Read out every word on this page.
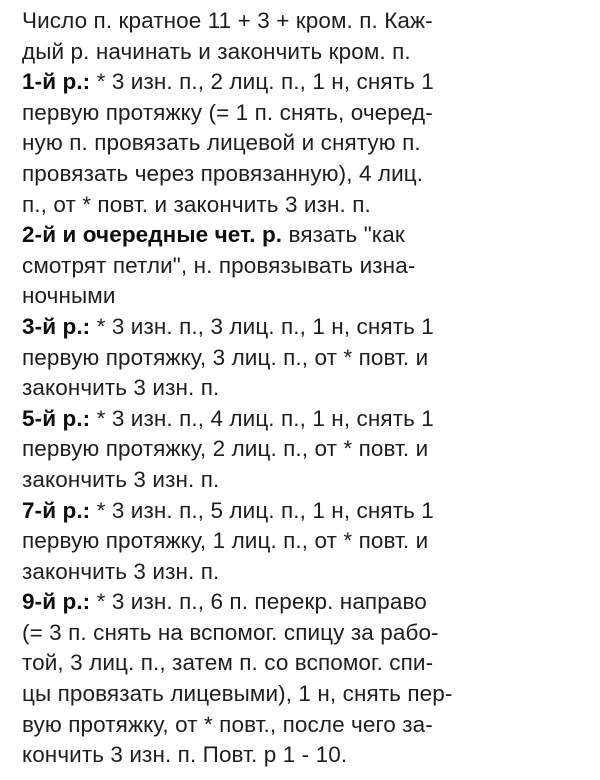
Число п. кратное 11 + 3 + кром. п. Каж-
дый р. начинать и закончить кром. п.

1-й р.: * 3 изн. п., 2 лиц. п., 1 н, снять 1
первую протяжку (= 1 п. снять, очеред-
ную п. провязать лицевой и снятую п.
провязать через провязанную), 4 лиц.
п., от * повт. и закончить 3 изн. п.

2-й и очередные чет. р. вязать "как
смотрят петли", н. провязывать изна-
ночными

3-й р.: * 3 изн. п., 3 лиц. п., 1 н, снять 1
первую протяжку, 3 лиц. п., от * повт. и
закончить 3 изн. п.

5-й р.: * 3 изн. п., 4 лиц. п., 1 н, снять 1
первую протяжку, 2 лиц. п., от * повт. и
закончить 3 изн. п.

7-й р.: * 3 изн. п., 5 лиц. п., 1 н, снять 1
первую протяжку, 1 лиц. п., от * повт. и
закончить 3 изн. п.

9-й р.: * 3 изн. п., 6 п. перекр. направо
(= 3 п. снять на вспомог. спицу за рабо-
той, 3 лиц. п., затем п. со вспомог. спи-
цы провязать лицевыми), 1 н, снять пер-
вую протяжку, от * повт., после чего за-
кончить 3 изн. п. Повт. р 1 - 10.
